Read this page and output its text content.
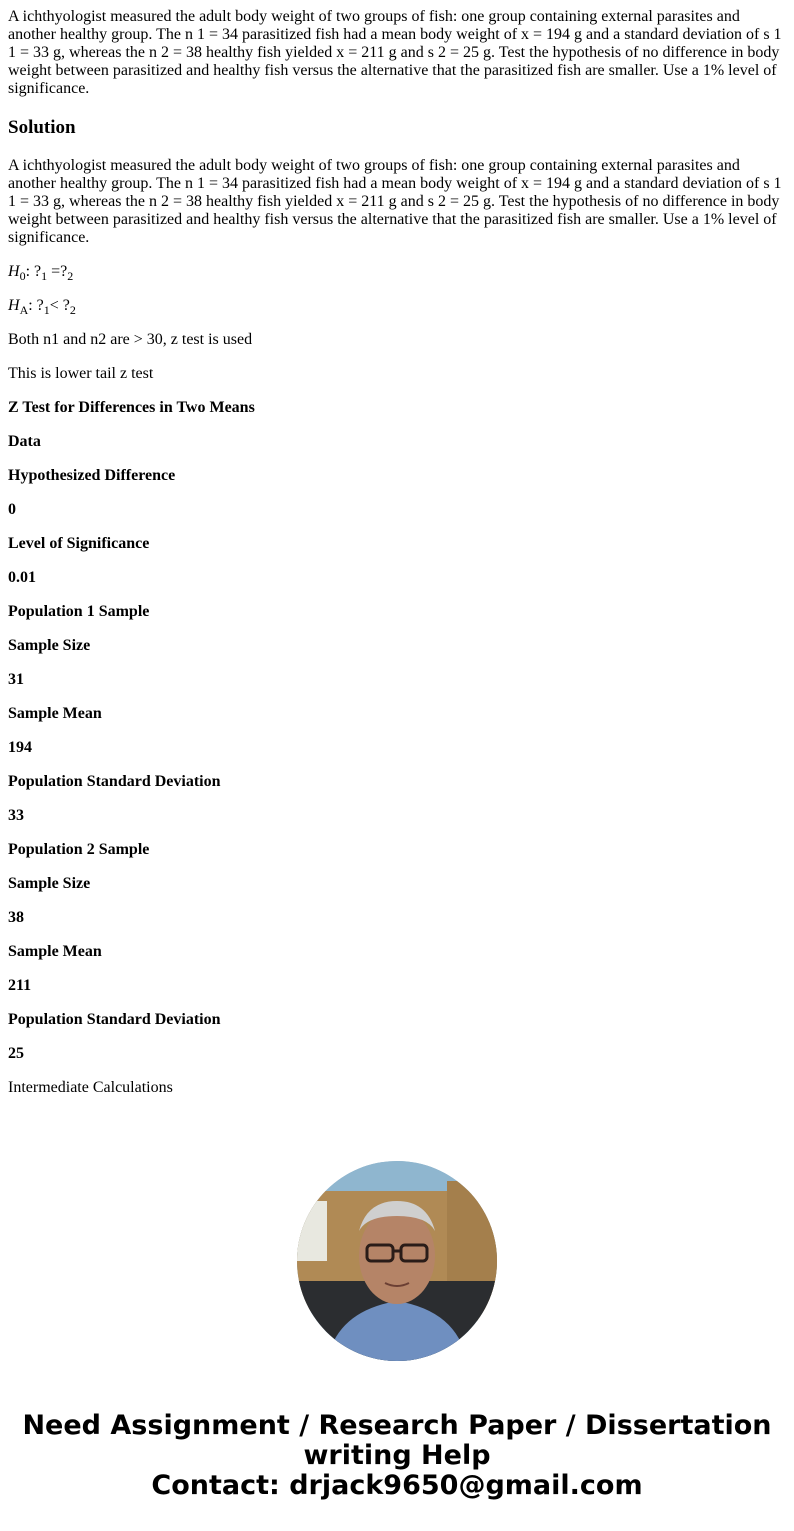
A ichthyologist measured the adult body weight of two groups of fish: one group containing external parasites and another healthy group. The n 1 = 34 parasitized fish had a mean body weight of x = 194 g and a standard deviation of s 1 1 = 33 g, whereas the n 2 = 38 healthy fish yielded x = 211 g and s 2 = 25 g. Test the hypothesis of no difference in body weight between parasitized and healthy fish versus the alternative that the parasitized fish are smaller. Use a 1% level of significance.

Solution

A ichthyologist measured the adult body weight of two groups of fish: one group containing external parasites and another healthy group. The n 1 = 34 parasitized fish had a mean body weight of x = 194 g and a standard deviation of s 1 1 = 33 g, whereas the n 2 = 38 healthy fish yielded x = 211 g and s 2 = 25 g. Test the hypothesis of no difference in body weight between parasitized and healthy fish versus the alternative that the parasitized fish are smaller. Use a 1% level of significance.

$H_0$: $?_1$ $=?_2$

$H_A$: $?_1<$ $?_2$

Both n1 and n2 are > 30, z test is used

This is lower tail z test

Z Test for Differences in Two Means

Data

Hypothesized Difference

0

Level of Significance

0.01

Population 1 Sample

Sample Size

31

Sample Mean

194

Population Standard Deviation

33

Population 2 Sample

Sample Size

38

Sample Mean

211

Population Standard Deviation

25

Intermediate Calculations

Need Assignment / Research Paper / Dissertation
writing Help
Contact: drjack9650@gmail.com
